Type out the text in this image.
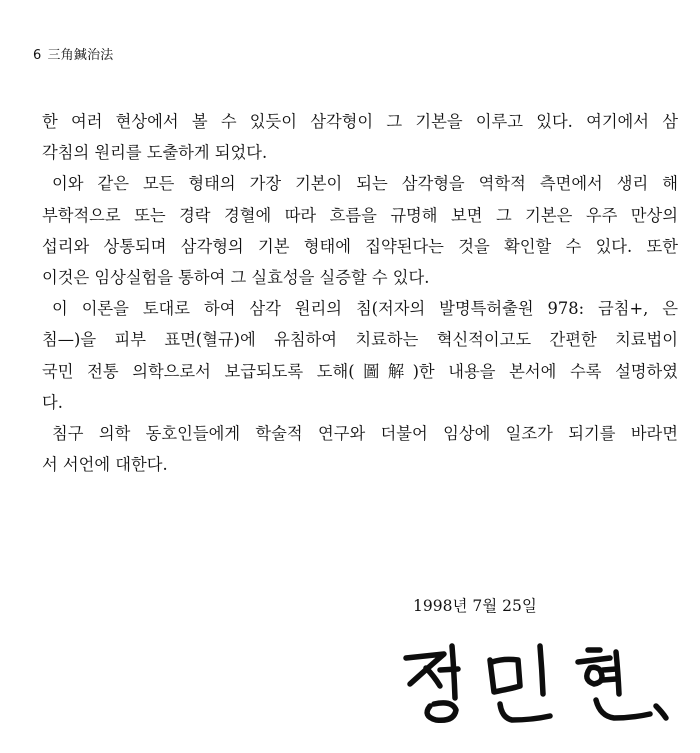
6 三角鍼治法
한 여러 현상에서 볼 수 있듯이 삼각형이 그 기본을 이루고 있다. 여기에서 삼
각침의 원리를 도출하게 되었다.
이와 같은 모든 형태의 가장 기본이 되는 삼각형을 역학적 측면에서 생리 해
부학적으로 또는 경락 경혈에 따라 흐름을 규명해 보면 그 기본은 우주 만상의
섭리와 상통되며 삼각형의 기본 형태에 집약된다는 것을 확인할 수 있다. 또한
이것은 임상실험을 통하여 그 실효성을 실증할 수 있다.
이 이론을 토대로 하여 삼각 원리의 침(저자의 발명특허출원 978: 금침+, 은
침—)을 피부 표면(혈규)에 유침하여 치료하는 혁신적이고도 간편한 치료법이
국민 전통 의학으로서 보급되도록 도해(圖解)한 내용을 본서에 수록 설명하였
다.
침구 의학 동호인들에게 학술적 연구와 더불어 임상에 일조가 되기를 바라면
서 서언에 대한다.
1998년 7월 25일
